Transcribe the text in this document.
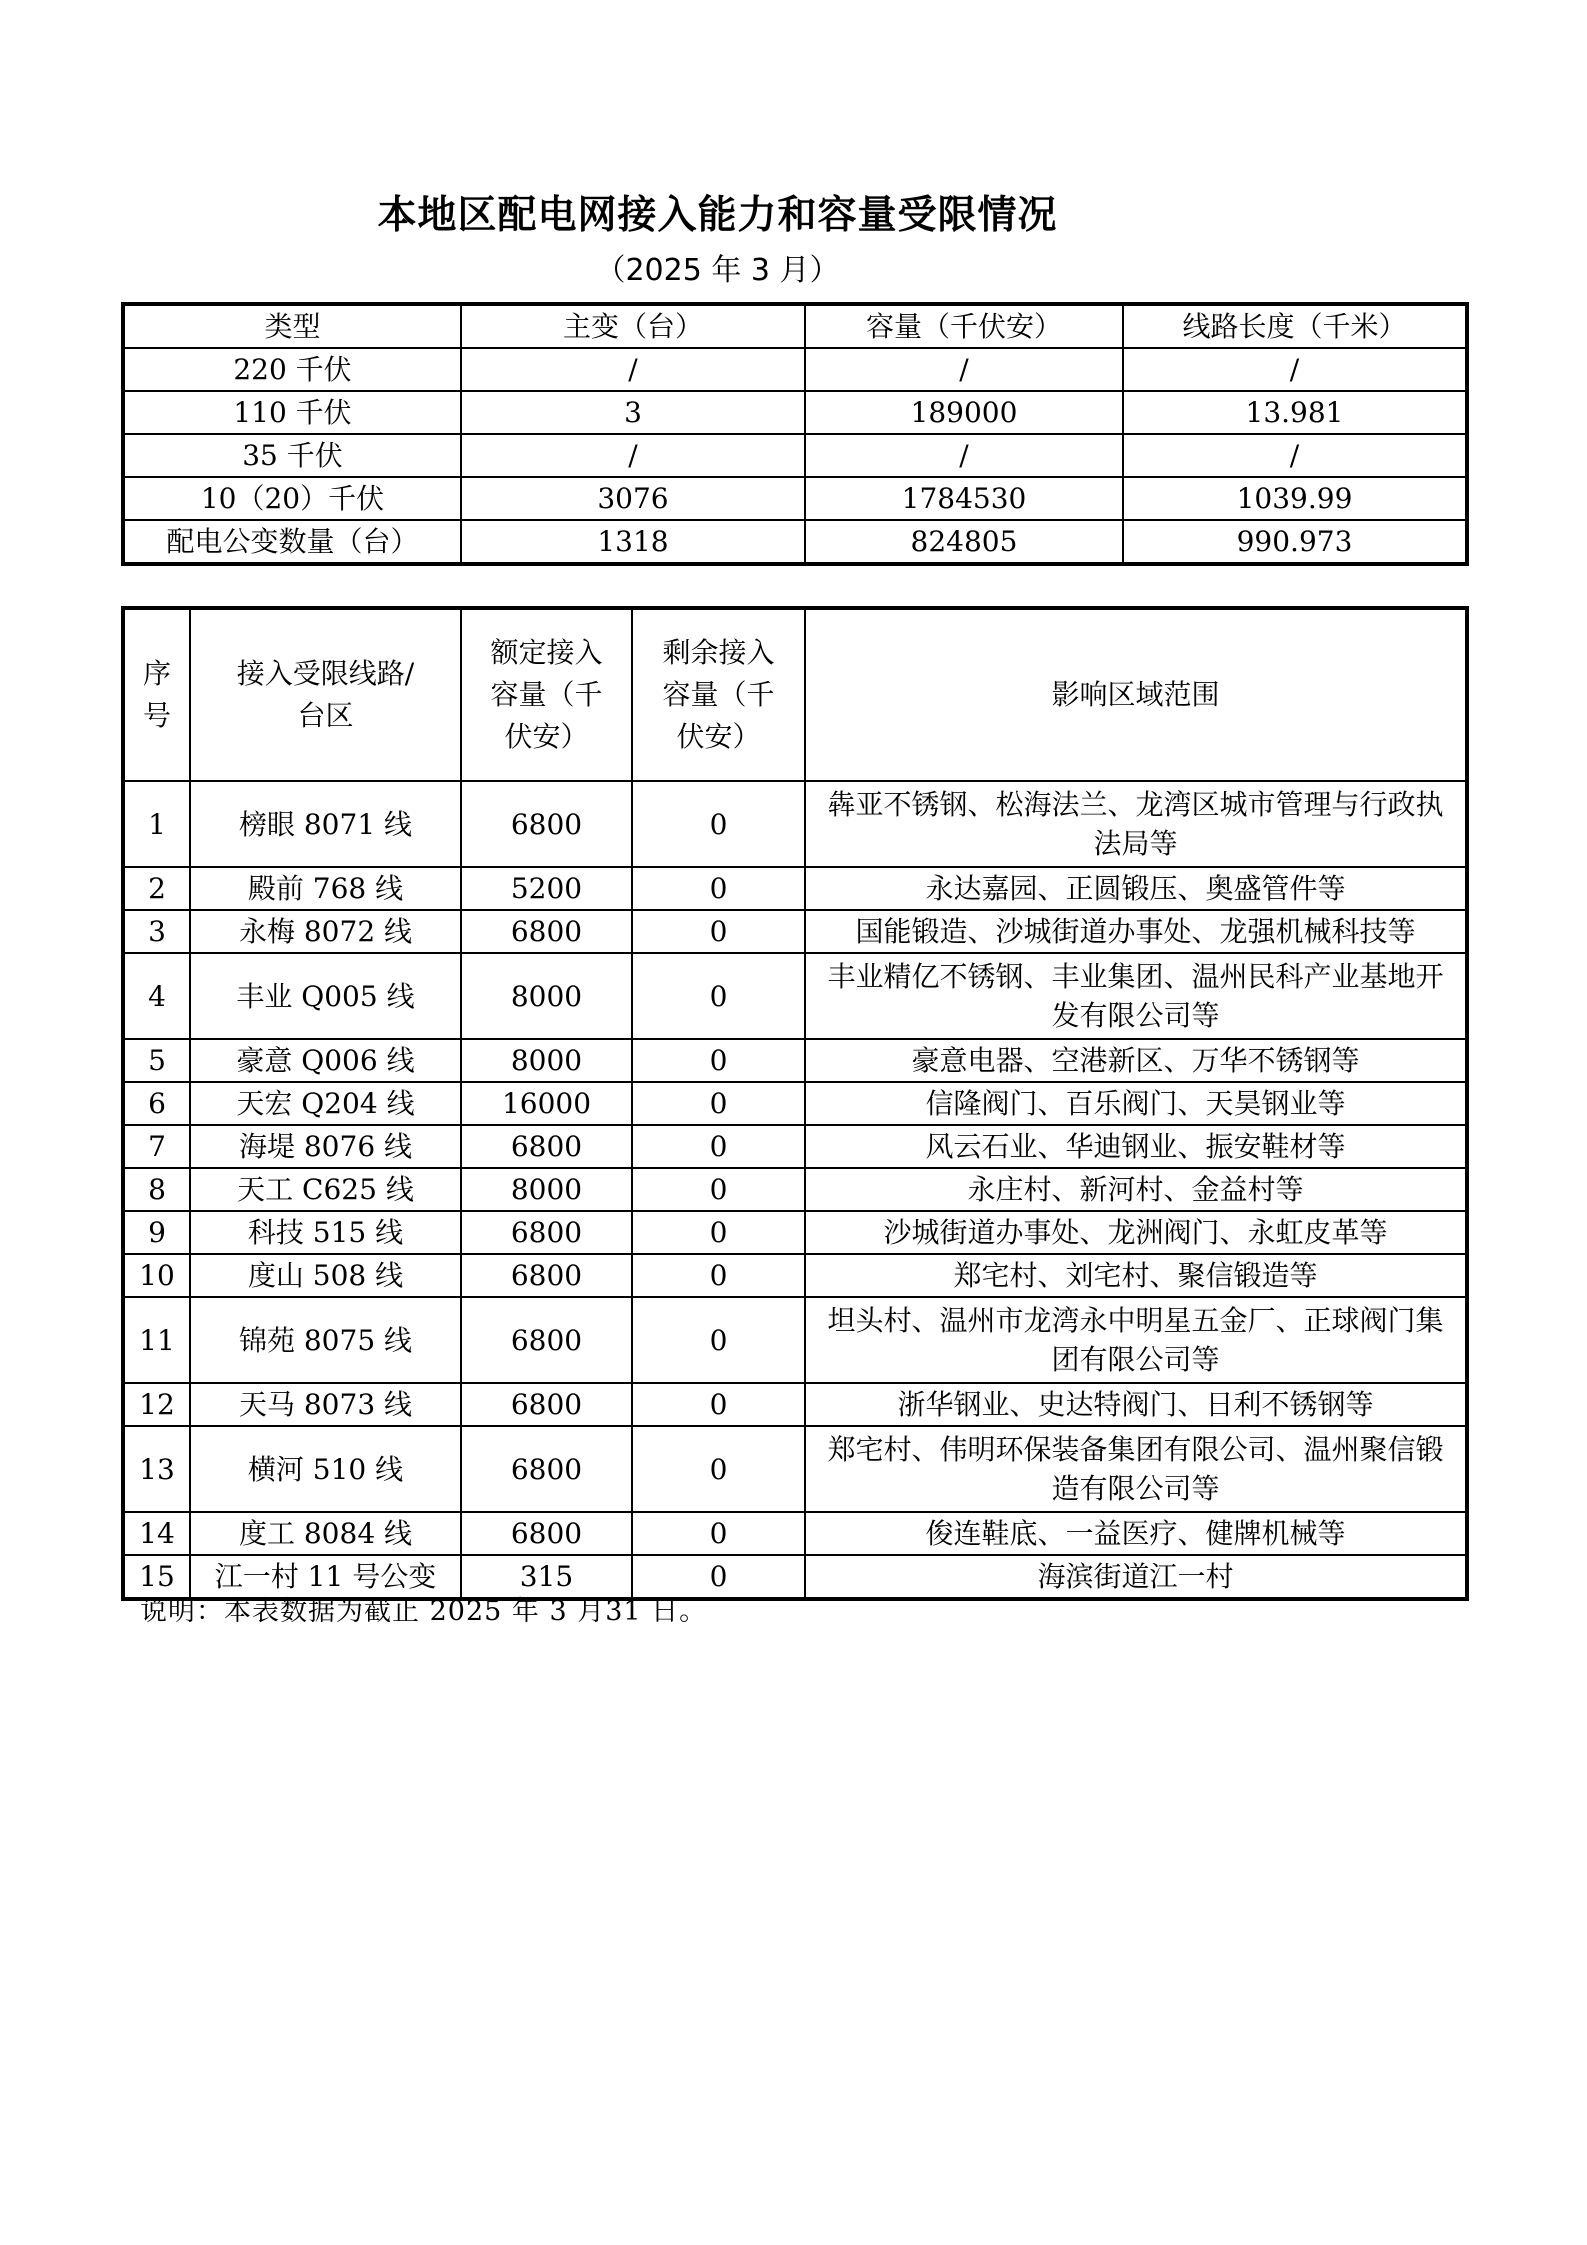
本地区配电网接入能力和容量受限情况
（2025 年 3 月）
类型	主变（台）	容量（千伏安）	线路长度（千米）
220 千伏	/	/	/
110 千伏	3	189000	13.981
35 千伏	/	/	/
10（20）千伏	3076	1784530	1039.99
配电公变数量（台）	1318	824805	990.973
序号	接入受限线路/台区	额定接入容量（千伏安）	剩余接入容量（千伏安）	影响区域范围
1	榜眼 8071 线	6800	0	犇亚不锈钢、松海法兰、龙湾区城市管理与行政执法局等
2	殿前 768 线	5200	0	永达嘉园、正圆锻压、奥盛管件等
3	永梅 8072 线	6800	0	国能锻造、沙城街道办事处、龙强机械科技等
4	丰业 Q005 线	8000	0	丰业精亿不锈钢、丰业集团、温州民科产业基地开发有限公司等
5	豪意 Q006 线	8000	0	豪意电器、空港新区、万华不锈钢等
6	天宏 Q204 线	16000	0	信隆阀门、百乐阀门、天昊钢业等
7	海堤 8076 线	6800	0	风云石业、华迪钢业、振安鞋材等
8	天工 C625 线	8000	0	永庄村、新河村、金益村等
9	科技 515 线	6800	0	沙城街道办事处、龙洲阀门、永虹皮革等
10	度山 508 线	6800	0	郑宅村、刘宅村、聚信锻造等
11	锦苑 8075 线	6800	0	坦头村、温州市龙湾永中明星五金厂、正球阀门集团有限公司等
12	天马 8073 线	6800	0	浙华钢业、史达特阀门、日利不锈钢等
13	横河 510 线	6800	0	郑宅村、伟明环保装备集团有限公司、温州聚信锻造有限公司等
14	度工 8084 线	6800	0	俊连鞋底、一益医疗、健牌机械等
15	江一村 11 号公变	315	0	海滨街道江一村
说明：本表数据为截止 2025 年 3 月31 日。
